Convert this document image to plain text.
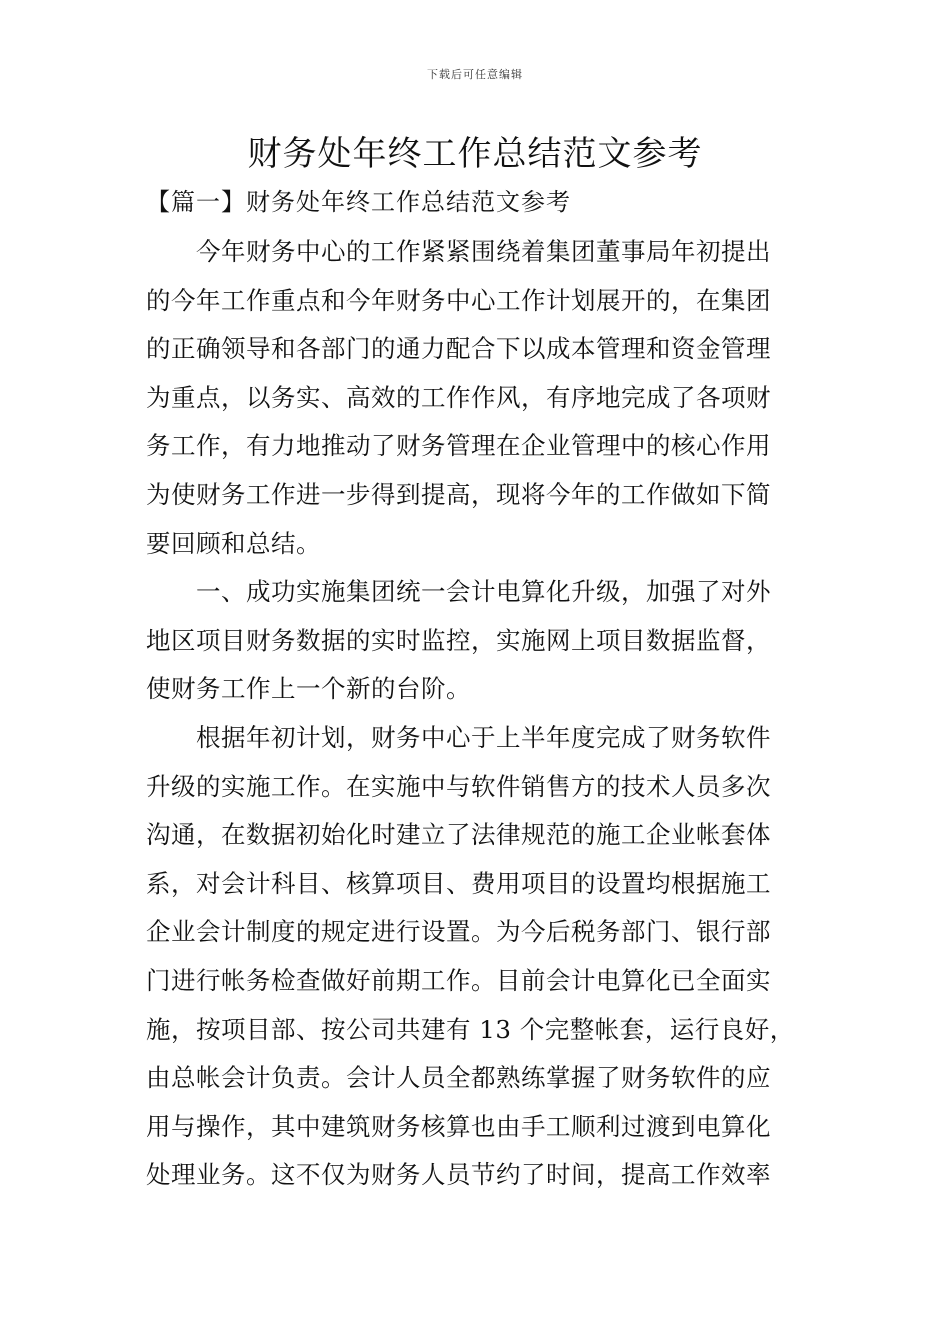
下载后可任意编辑
财务处年终工作总结范文参考
【篇一】财务处年终工作总结范文参考
今年财务中心的工作紧紧围绕着集团董事局年初提出
的今年工作重点和今年财务中心工作计划展开的，在集团
的正确领导和各部门的通力配合下以成本管理和资金管理
为重点，以务实、高效的工作作风，有序地完成了各项财
务工作，有力地推动了财务管理在企业管理中的核心作用
为使财务工作进一步得到提高，现将今年的工作做如下简
要回顾和总结。
一、成功实施集团统一会计电算化升级，加强了对外
地区项目财务数据的实时监控，实施网上项目数据监督，
使财务工作上一个新的台阶。
根据年初计划，财务中心于上半年度完成了财务软件
升级的实施工作。在实施中与软件销售方的技术人员多次
沟通，在数据初始化时建立了法律规范的施工企业帐套体
系，对会计科目、核算项目、费用项目的设置均根据施工
企业会计制度的规定进行设置。为今后税务部门、银行部
门进行帐务检查做好前期工作。目前会计电算化已全面实
施，按项目部、按公司共建有 13 个完整帐套，运行良好，
由总帐会计负责。会计人员全都熟练掌握了财务软件的应
用与操作，其中建筑财务核算也由手工顺利过渡到电算化
处理业务。这不仅为财务人员节约了时间，提高工作效率
